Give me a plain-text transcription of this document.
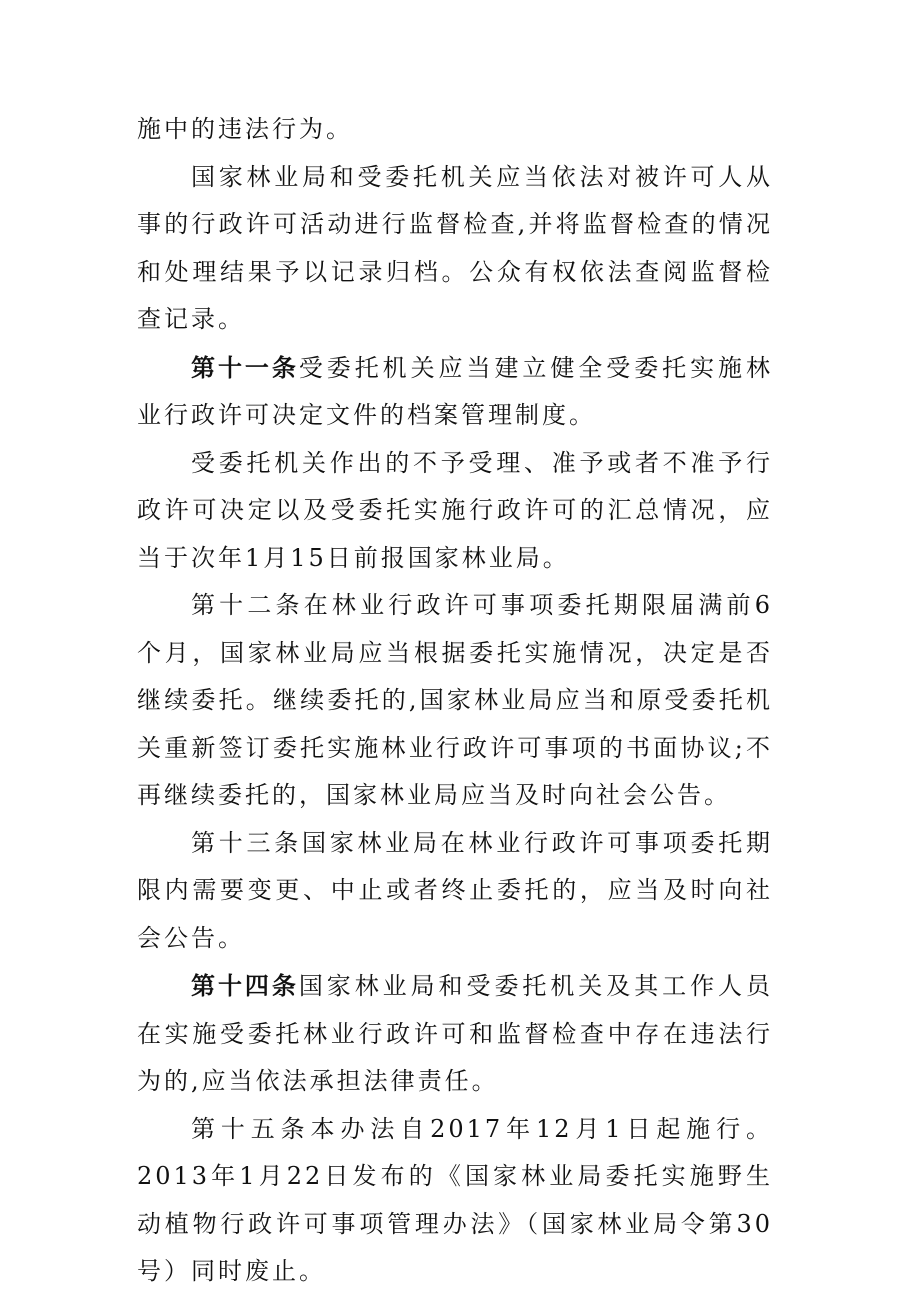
施中的违法行为。

国家林业局和受委托机关应当依法对被许可人从事的行政许可活动进行监督检查,并将监督检查的情况和处理结果予以记录归档。公众有权依法查阅监督检查记录。

第十一条受委托机关应当建立健全受委托实施林业行政许可决定文件的档案管理制度。

受委托机关作出的不予受理、准予或者不准予行政许可决定以及受委托实施行政许可的汇总情况，应当于次年1月15日前报国家林业局。

第十二条在林业行政许可事项委托期限届满前6个月，国家林业局应当根据委托实施情况，决定是否继续委托。继续委托的,国家林业局应当和原受委托机关重新签订委托实施林业行政许可事项的书面协议;不再继续委托的，国家林业局应当及时向社会公告。

第十三条国家林业局在林业行政许可事项委托期限内需要变更、中止或者终止委托的，应当及时向社会公告。

第十四条国家林业局和受委托机关及其工作人员在实施受委托林业行政许可和监督检查中存在违法行为的,应当依法承担法律责任。

第十五条本办法自2017年12月1日起施行。2013年1月22日发布的《国家林业局委托实施野生动植物行政许可事项管理办法》（国家林业局令第30号）同时废止。
